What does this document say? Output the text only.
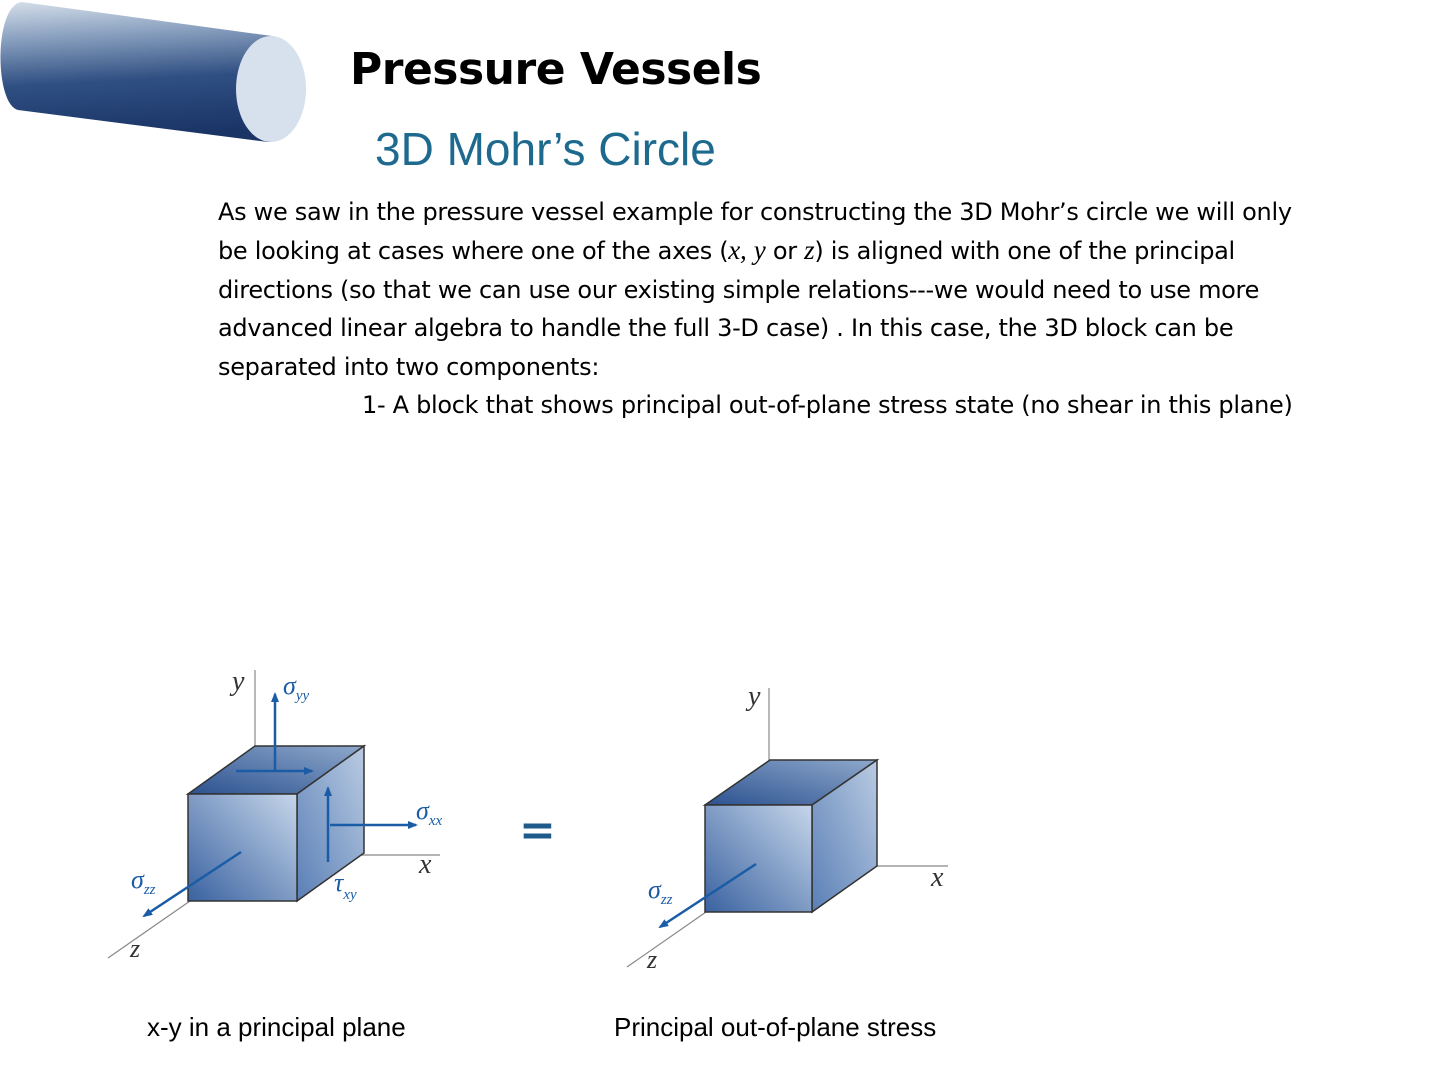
Pressure Vessels
3D Mohr’s Circle

As we saw in the pressure vessel example for constructing the 3D Mohr’s circle we will only

be looking at cases where one of the axes (x, y or z) is aligned with one of the principal

directions (so that we can use our existing simple relations---we would need to use more

advanced linear algebra to handle the full 3-D case) . In this case, the 3D block can be

separated into two components:

1- A block that shows principal out-of-plane stress state (no shear in this plane)

y
x
z
$\sigma_{yy}$
$\sigma_{xx}$
$\sigma_{zz}$	$\tau_{xy}$
=
y
x
z
$\sigma_{zz}$
x-y in a principal plane	Principal out-of-plane stress
